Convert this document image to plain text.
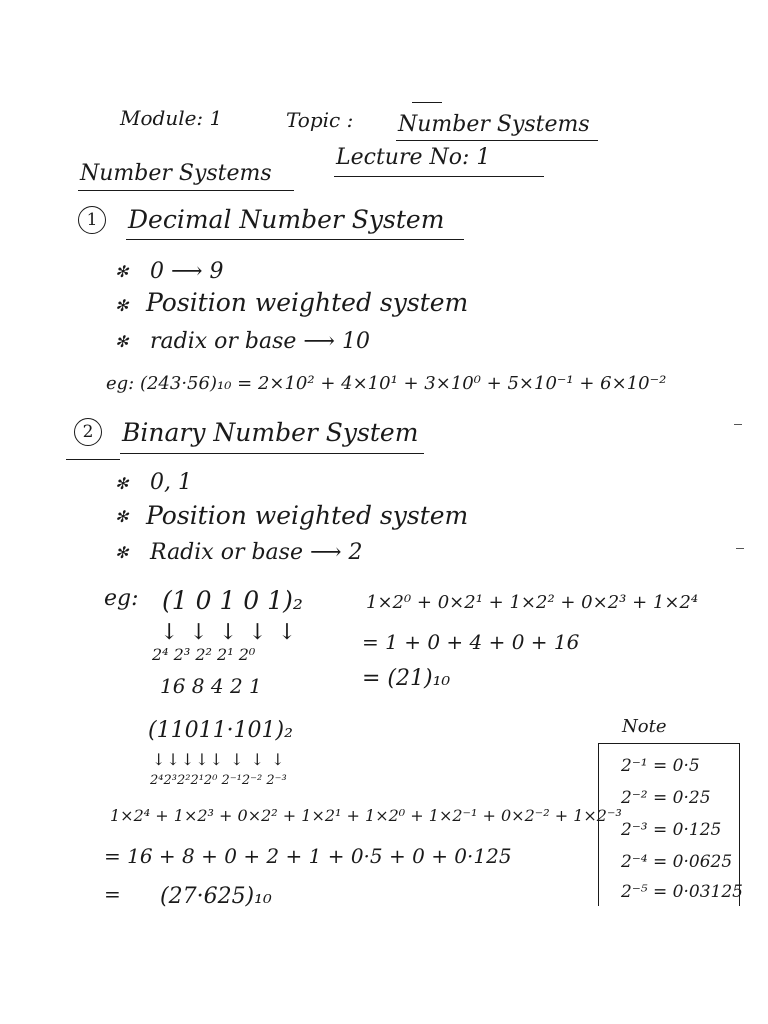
Module: 1	Topic : Number Systems
Lecture No: 1
Number Systems
1	Decimal Number System
✻ 0 ⟶ 9
✻ Position weighted system
✻ radix or base ⟶ 10
eg: (243·56)₁₀ = 2×10² + 4×10¹ + 3×10⁰ + 5×10⁻¹ + 6×10⁻²
2	Binary Number System
✻ 0, 1
✻ Position weighted system
✻ Radix or base ⟶ 2
eg: (1 0 1 0 1)₂
↓ ↓ ↓ ↓ ↓
2⁴ 2³ 2² 2¹ 2⁰
16 8 4 2 1
1×2⁰ + 0×2¹ + 1×2² + 0×2³ + 1×2⁴
= 1 + 0 + 4 + 0 + 16
= (21)₁₀
(11011·101)₂
↓↓↓↓↓ ↓ ↓ ↓
2⁴2³2²2¹2⁰ 2⁻¹2⁻² 2⁻³
1×2⁴ + 1×2³ + 0×2² + 1×2¹ + 1×2⁰ + 1×2⁻¹ + 0×2⁻² + 1×2⁻³
= 16 + 8 + 0 + 2 + 1 + 0·5 + 0 + 0·125
= (27·625)₁₀
Note
2⁻¹ = 0·5
2⁻² = 0·25
2⁻³ = 0·125
2⁻⁴ = 0·0625
2⁻⁵ = 0·03125
